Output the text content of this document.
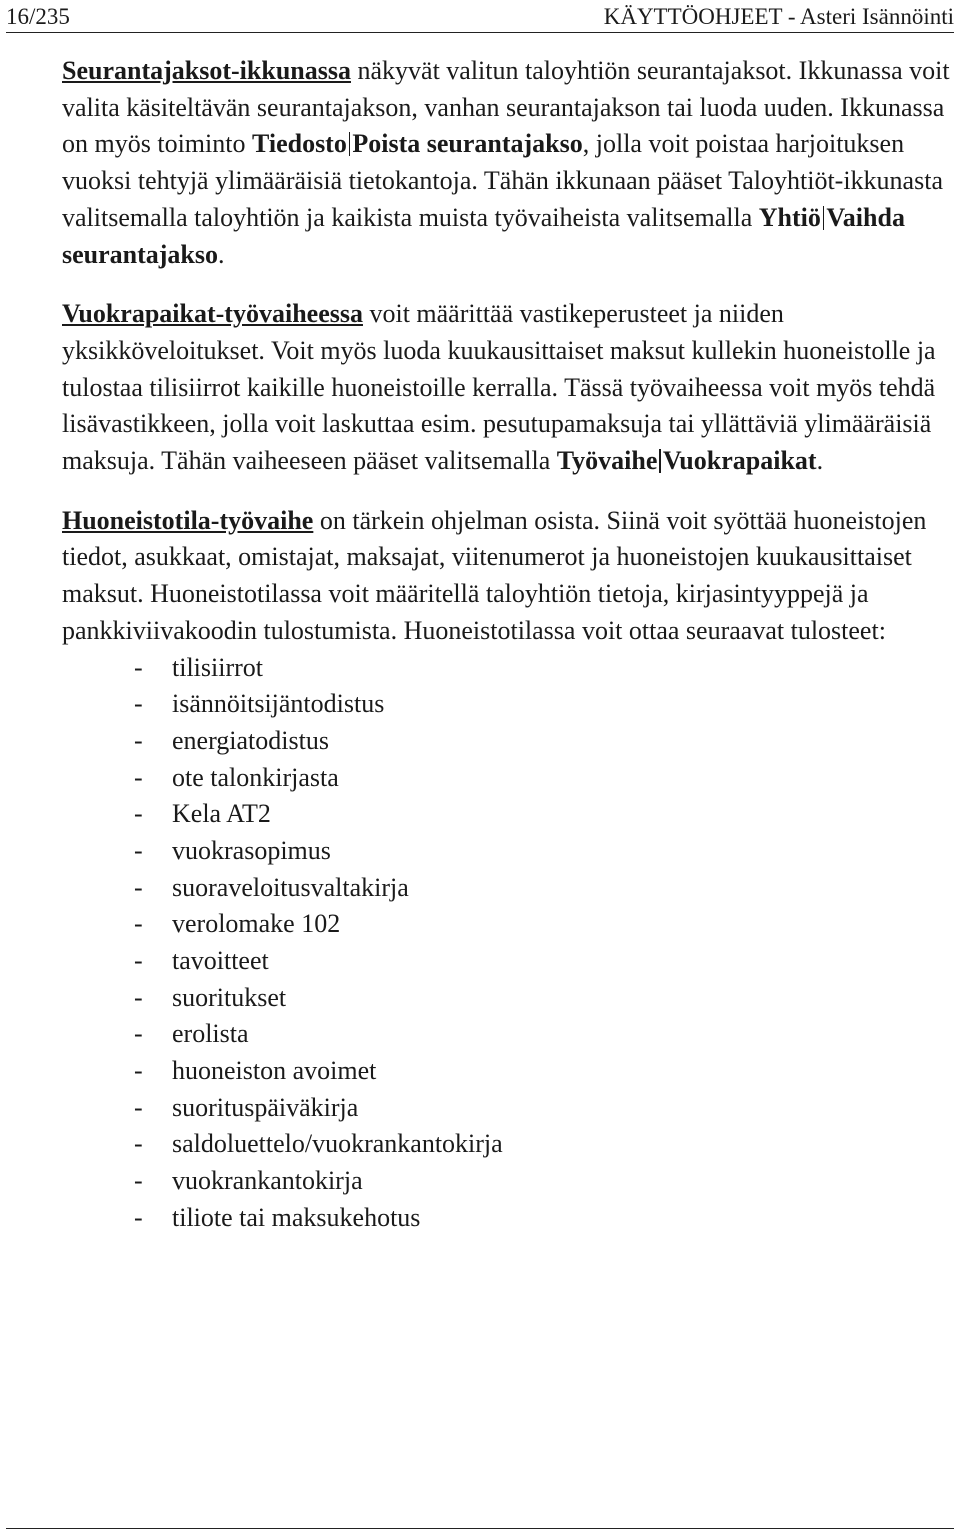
16/235	KÄYTTÖOHJEET - Asteri Isännöinti

Seurantajaksot-ikkunassa näkyvät valitun taloyhtiön seurantajaksot. Ikkunassa voit valita käsiteltävän seurantajakson, vanhan seurantajakson tai luoda uuden. Ikkunassa on myös toiminto Tiedosto Poista seurantajakso, jolla voit poistaa harjoituksen vuoksi tehtyjä ylimääräisiä tietokantoja. Tähän ikkunaan pääset Taloyhtiöt-ikkunasta valitsemalla taloyhtiön ja kaikista muista työvaiheista valitsemalla Yhtiö Vaihda seurantajakso.

Vuokrapaikat-työvaiheessa voit määrittää vastikeperusteet ja niiden yksikköveloitukset. Voit myös luoda kuukausittaiset maksut kullekin huoneistolle ja tulostaa tilisiirrot kaikille huoneistoille kerralla. Tässä työvaiheessa voit myös tehdä lisävastikkeen, jolla voit laskuttaa esim. pesutupamaksuja tai yllättäviä ylimääräisiä maksuja. Tähän vaiheeseen pääset valitsemalla Työvaihe Vuokrapaikat.

Huoneistotila-työvaihe on tärkein ohjelman osista. Siinä voit syöttää huoneistojen tiedot, asukkaat, omistajat, maksajat, viitenumerot ja huoneistojen kuukausittaiset maksut. Huoneistotilassa voit määritellä taloyhtiön tietoja, kirjasintyyppejä ja pankkiviivakoodin tulostumista. Huoneistotilassa voit ottaa seuraavat tulosteet:

- tilisiirrot
- isännöitsijäntodistus
- energiatodistus
- ote talonkirjasta
- Kela AT2
- vuokrasopimus
- suoraveloitusvaltakirja
- verolomake 102
- tavoitteet
- suoritukset
- erolista
- huoneiston avoimet
- suorituspäiväkirja
- saldoluettelo/vuokrankantokirja
- vuokrankantokirja
- tiliote tai maksukehotus
